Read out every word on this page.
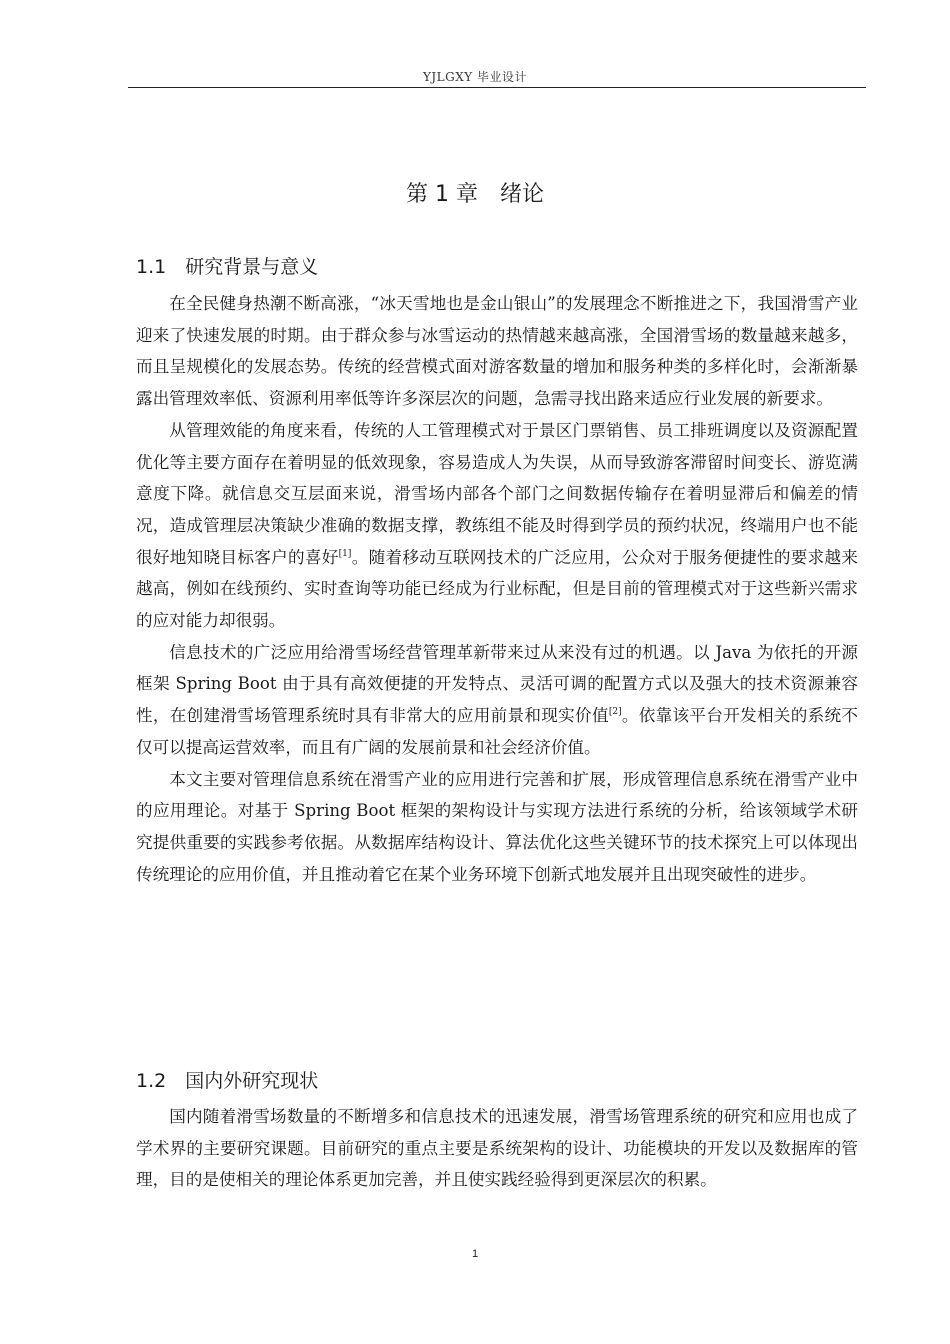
YJLGXY 毕业设计
第 1 章　绪论
1.1　研究背景与意义

在全民健身热潮不断高涨，“冰天雪地也是金山银山”的发展理念不断推进之下，我国滑雪产业迎来了快速发展的时期。由于群众参与冰雪运动的热情越来越高涨，全国滑雪场的数量越来越多，而且呈规模化的发展态势。传统的经营模式面对游客数量的增加和服务种类的多样化时，会渐渐暴露出管理效率低、资源利用率低等许多深层次的问题，急需寻找出路来适应行业发展的新要求。

从管理效能的角度来看，传统的人工管理模式对于景区门票销售、员工排班调度以及资源配置优化等主要方面存在着明显的低效现象，容易造成人为失误，从而导致游客滞留时间变长、游览满意度下降。就信息交互层面来说，滑雪场内部各个部门之间数据传输存在着明显滞后和偏差的情况，造成管理层决策缺少准确的数据支撑，教练组不能及时得到学员的预约状况，终端用户也不能很好地知晓目标客户的喜好[1]。随着移动互联网技术的广泛应用，公众对于服务便捷性的要求越来越高，例如在线预约、实时查询等功能已经成为行业标配，但是目前的管理模式对于这些新兴需求的应对能力却很弱。

信息技术的广泛应用给滑雪场经营管理革新带来过从来没有过的机遇。以 Java 为依托的开源框架 Spring Boot 由于具有高效便捷的开发特点、灵活可调的配置方式以及强大的技术资源兼容性，在创建滑雪场管理系统时具有非常大的应用前景和现实价值[2]。依靠该平台开发相关的系统不仅可以提高运营效率，而且有广阔的发展前景和社会经济价值。

本文主要对管理信息系统在滑雪产业的应用进行完善和扩展，形成管理信息系统在滑雪产业中的应用理论。对基于 Spring Boot 框架的架构设计与实现方法进行系统的分析，给该领域学术研究提供重要的实践参考依据。从数据库结构设计、算法优化这些关键环节的技术探究上可以体现出传统理论的应用价值，并且推动着它在某个业务环境下创新式地发展并且出现突破性的进步。

1.2　国内外研究现状

国内随着滑雪场数量的不断增多和信息技术的迅速发展，滑雪场管理系统的研究和应用也成了学术界的主要研究课题。目前研究的重点主要是系统架构的设计、功能模块的开发以及数据库的管理，目的是使相关的理论体系更加完善，并且使实践经验得到更深层次的积累。

1
